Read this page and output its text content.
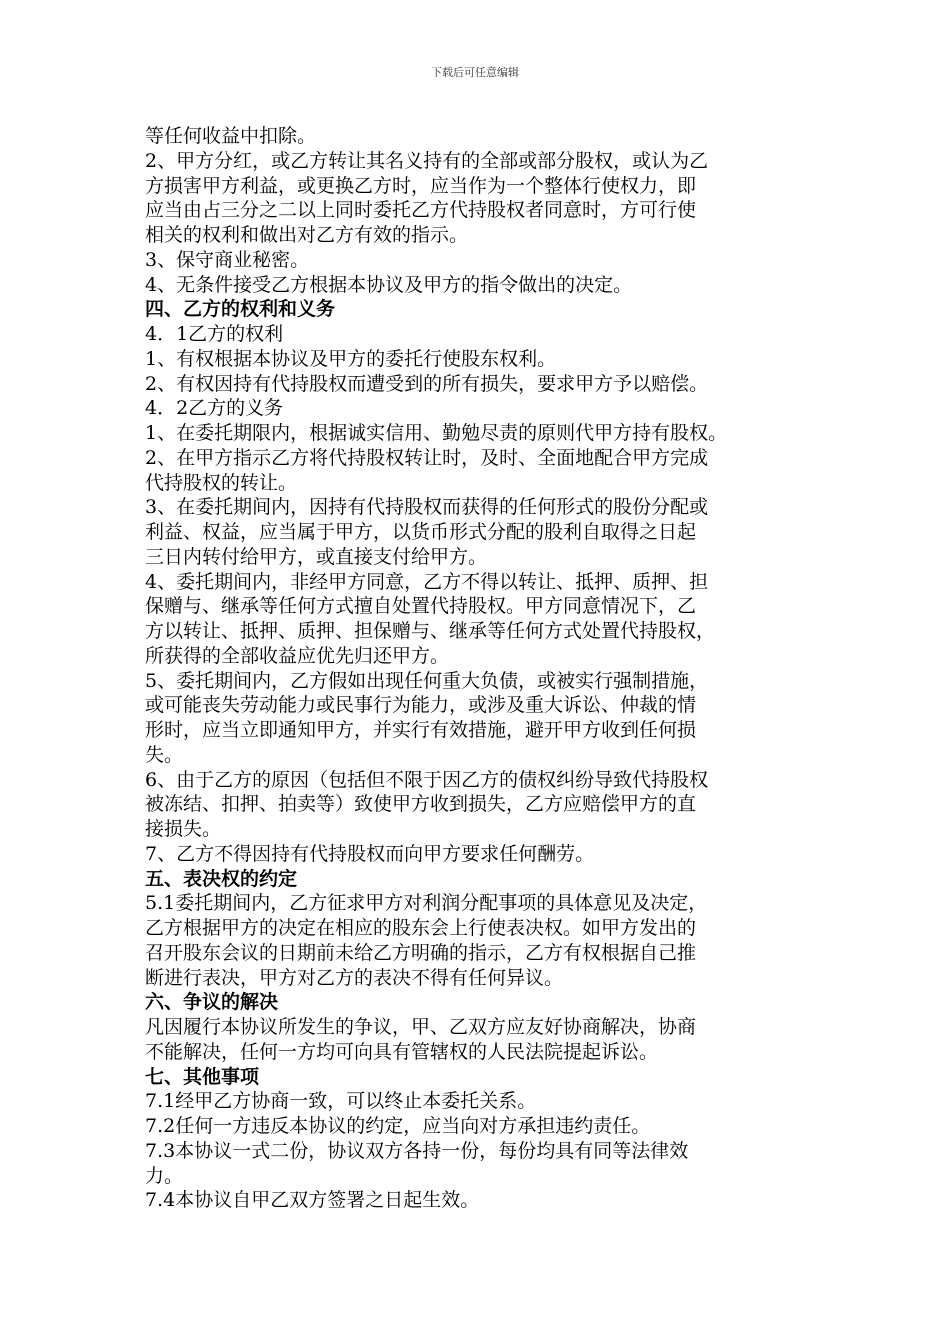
下载后可任意编辑
等任何收益中扣除。
2、甲方分红，或乙方转让其名义持有的全部或部分股权，或认为乙
方损害甲方利益，或更换乙方时，应当作为一个整体行使权力，即
应当由占三分之二以上同时委托乙方代持股权者同意时，方可行使
相关的权利和做出对乙方有效的指示。
3、保守商业秘密。
4、无条件接受乙方根据本协议及甲方的指令做出的决定。
四、乙方的权利和义务
4．1乙方的权利
1、有权根据本协议及甲方的委托行使股东权利。
2、有权因持有代持股权而遭受到的所有损失，要求甲方予以赔偿。
4．2乙方的义务
1、在委托期限内，根据诚实信用、勤勉尽责的原则代甲方持有股权。
2、在甲方指示乙方将代持股权转让时，及时、全面地配合甲方完成
代持股权的转让。
3、在委托期间内，因持有代持股权而获得的任何形式的股份分配或
利益、权益，应当属于甲方，以货币形式分配的股利自取得之日起
三日内转付给甲方，或直接支付给甲方。
4、委托期间内，非经甲方同意，乙方不得以转让、抵押、质押、担
保赠与、继承等任何方式擅自处置代持股权。甲方同意情况下，乙
方以转让、抵押、质押、担保赠与、继承等任何方式处置代持股权，
所获得的全部收益应优先归还甲方。
5、委托期间内，乙方假如出现任何重大负债，或被实行强制措施，
或可能丧失劳动能力或民事行为能力，或涉及重大诉讼、仲裁的情
形时，应当立即通知甲方，并实行有效措施，避开甲方收到任何损
失。
6、由于乙方的原因（包括但不限于因乙方的债权纠纷导致代持股权
被冻结、扣押、拍卖等）致使甲方收到损失，乙方应赔偿甲方的直
接损失。
7、乙方不得因持有代持股权而向甲方要求任何酬劳。
五、表决权的约定
5.1委托期间内，乙方征求甲方对利润分配事项的具体意见及决定，
乙方根据甲方的决定在相应的股东会上行使表决权。如甲方发出的
召开股东会议的日期前未给乙方明确的指示，乙方有权根据自己推
断进行表决，甲方对乙方的表决不得有任何异议。
六、争议的解决
凡因履行本协议所发生的争议，甲、乙双方应友好协商解决，协商
不能解决，任何一方均可向具有管辖权的人民法院提起诉讼。
七、其他事项
7.1经甲乙方协商一致，可以终止本委托关系。
7.2任何一方违反本协议的约定，应当向对方承担违约责任。
7.3本协议一式二份，协议双方各持一份，每份均具有同等法律效
力。
7.4本协议自甲乙双方签署之日起生效。
